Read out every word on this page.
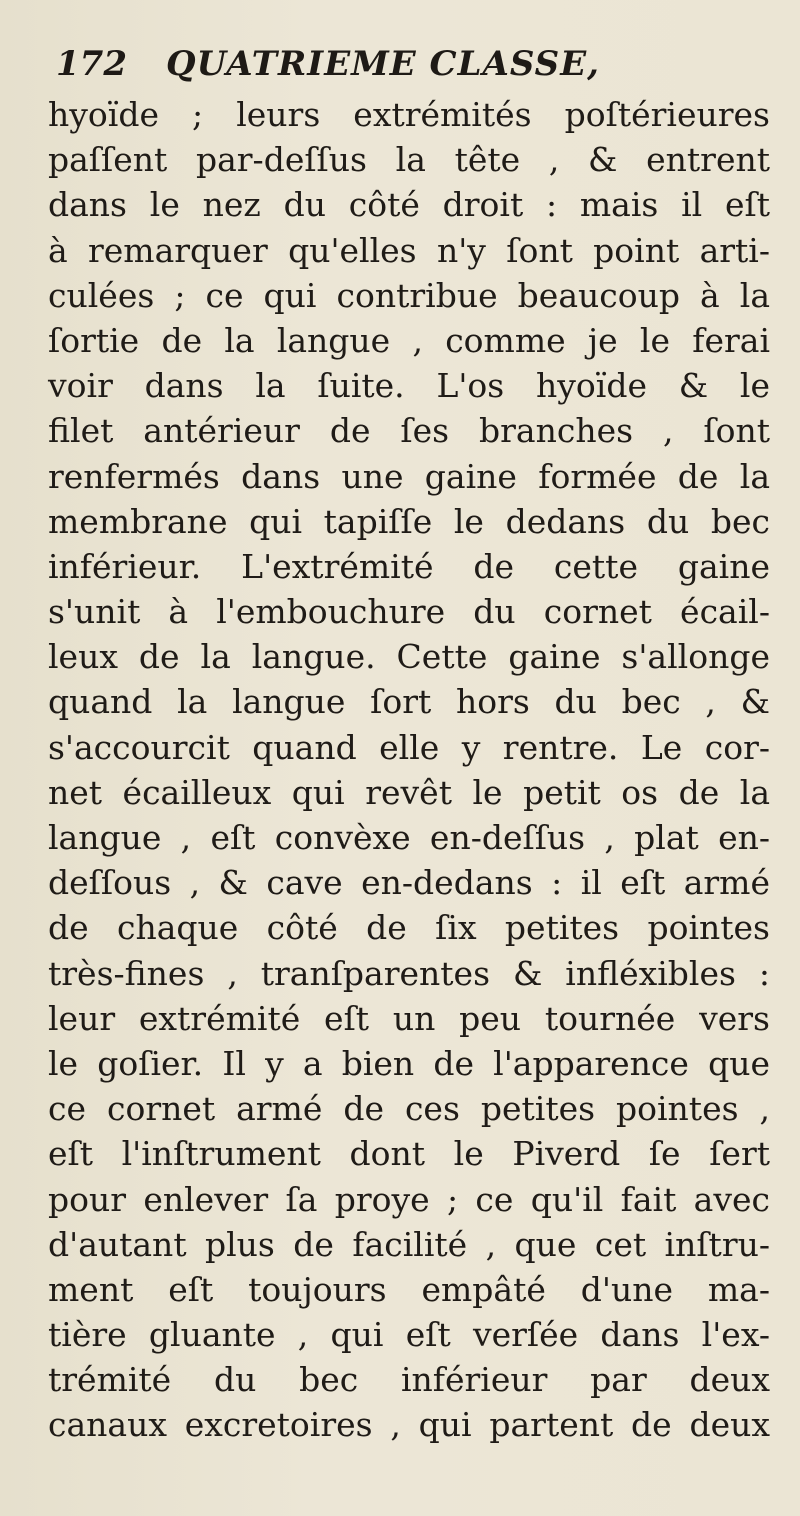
172 QUATRIEME CLASSE,
hyoïde ; leurs extrémités poſtérieures
paſſent par-deſſus la tête , & entrent
dans le nez du côté droit : mais il eſt
à remarquer qu'elles n'y ſont point arti-
culées ; ce qui contribue beaucoup à la
ſortie de la langue , comme je le ferai
voir dans la ſuite. L'os hyoïde & le
filet antérieur de ſes branches , ſont
renfermés dans une gaine formée de la
membrane qui tapiſſe le dedans du bec
inférieur. L'extrémité de cette gaine
s'unit à l'embouchure du cornet écail-
leux de la langue. Cette gaine s'allonge
quand la langue ſort hors du bec , &
s'accourcit quand elle y rentre. Le cor-
net écailleux qui revêt le petit os de la
langue , eſt convèxe en-deſſus , plat en-
deſſous , & cave en-dedans : il eſt armé
de chaque côté de ſix petites pointes
très-fines , tranſparentes & infléxibles :
leur extrémité eſt un peu tournée vers
le goſier. Il y a bien de l'apparence que
ce cornet armé de ces petites pointes ,
eſt l'inſtrument dont le Piverd ſe ſert
pour enlever ſa proye ; ce qu'il fait avec
d'autant plus de facilité , que cet inſtru-
ment eſt toujours empâté d'une ma-
tière gluante , qui eſt verſée dans l'ex-
trémité du bec inférieur par deux
canaux excretoires , qui partent de deux
